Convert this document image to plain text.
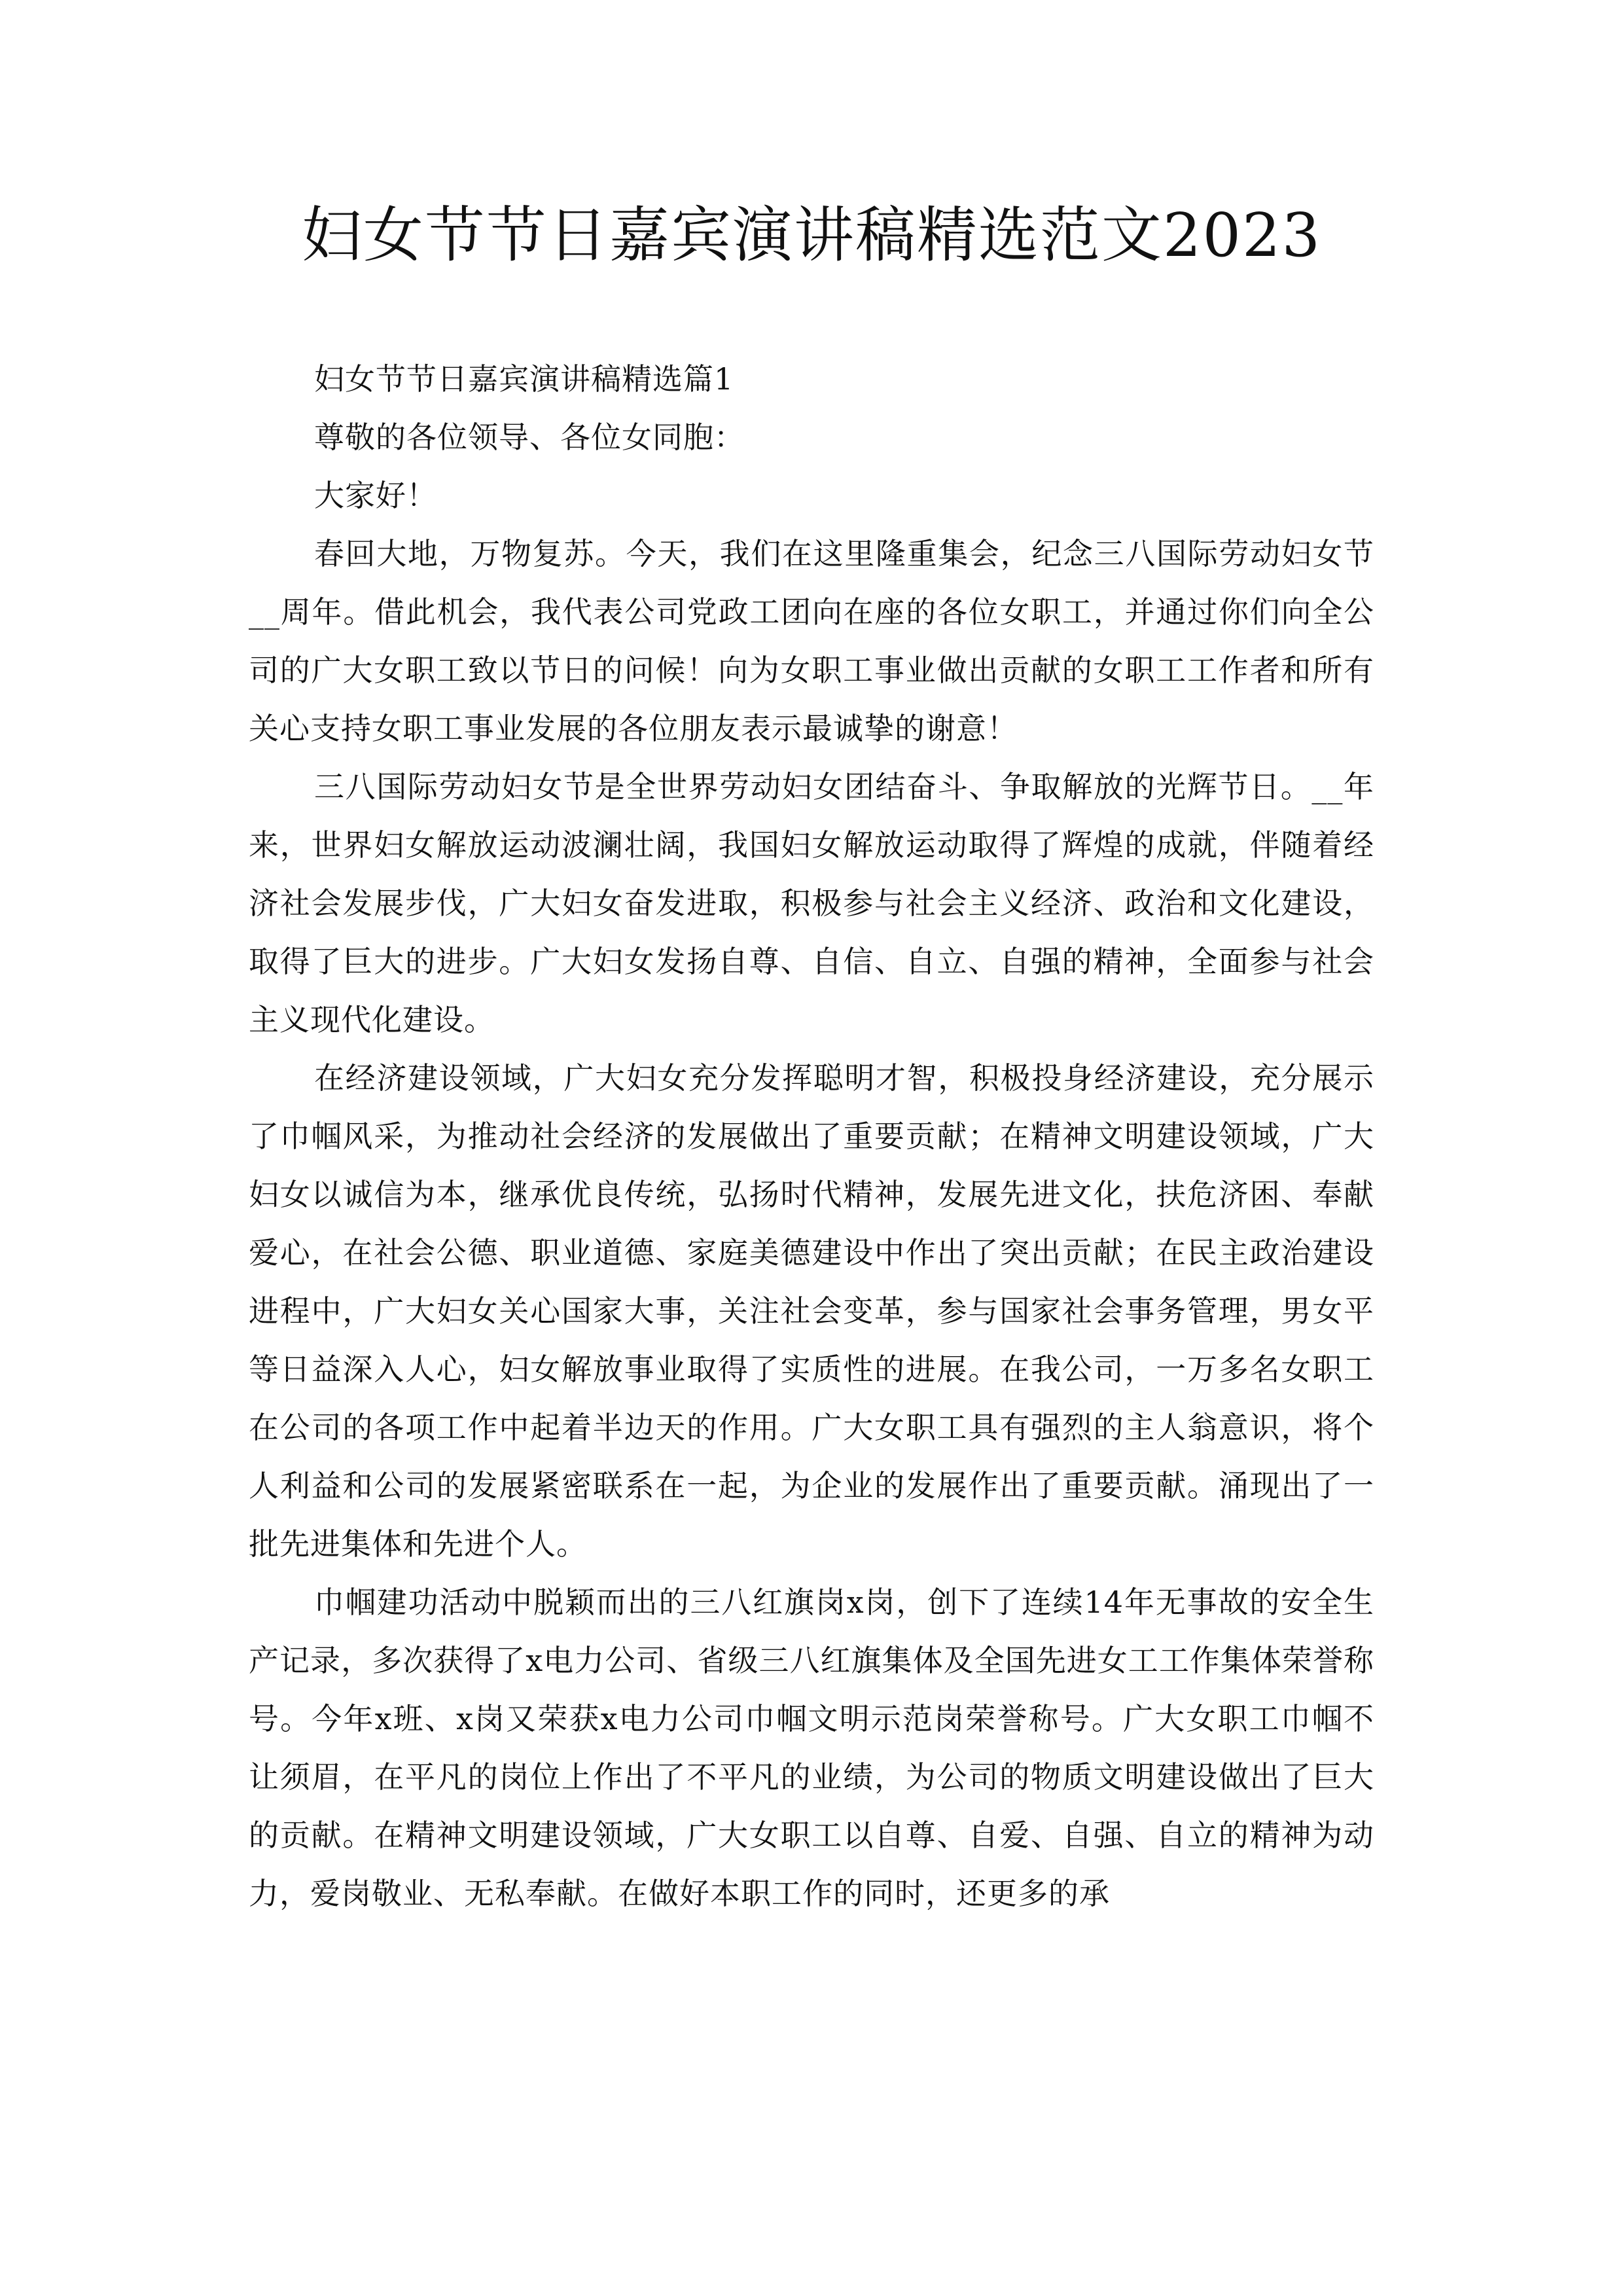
妇女节节日嘉宾演讲稿精选范文2023

妇女节节日嘉宾演讲稿精选篇1

尊敬的各位领导、各位女同胞：

大家好！

春回大地，万物复苏。今天，我们在这里隆重集会，纪念三八国际劳动妇女节__周年。借此机会，我代表公司党政工团向在座的各位女职工，并通过你们向全公司的广大女职工致以节日的问候！向为女职工事业做出贡献的女职工工作者和所有关心支持女职工事业发展的各位朋友表示最诚挚的谢意！

三八国际劳动妇女节是全世界劳动妇女团结奋斗、争取解放的光辉节日。__年来，世界妇女解放运动波澜壮阔，我国妇女解放运动取得了辉煌的成就，伴随着经济社会发展步伐，广大妇女奋发进取，积极参与社会主义经济、政治和文化建设，取得了巨大的进步。广大妇女发扬自尊、自信、自立、自强的精神，全面参与社会主义现代化建设。

在经济建设领域，广大妇女充分发挥聪明才智，积极投身经济建设，充分展示了巾帼风采，为推动社会经济的发展做出了重要贡献；在精神文明建设领域，广大妇女以诚信为本，继承优良传统，弘扬时代精神，发展先进文化，扶危济困、奉献爱心，在社会公德、职业道德、家庭美德建设中作出了突出贡献；在民主政治建设进程中，广大妇女关心国家大事，关注社会变革，参与国家社会事务管理，男女平等日益深入人心，妇女解放事业取得了实质性的进展。在我公司，一万多名女职工在公司的各项工作中起着半边天的作用。广大女职工具有强烈的主人翁意识，将个人利益和公司的发展紧密联系在一起，为企业的发展作出了重要贡献。涌现出了一批先进集体和先进个人。

巾帼建功活动中脱颖而出的三八红旗岗x岗，创下了连续14年无事故的安全生产记录，多次获得了x电力公司、省级三八红旗集体及全国先进女工工作集体荣誉称号。今年x班、x岗又荣获x电力公司巾帼文明示范岗荣誉称号。广大女职工巾帼不让须眉，在平凡的岗位上作出了不平凡的业绩，为公司的物质文明建设做出了巨大的贡献。在精神文明建设领域，广大女职工以自尊、自爱、自强、自立的精神为动力，爱岗敬业、无私奉献。在做好本职工作的同时，还更多的承
